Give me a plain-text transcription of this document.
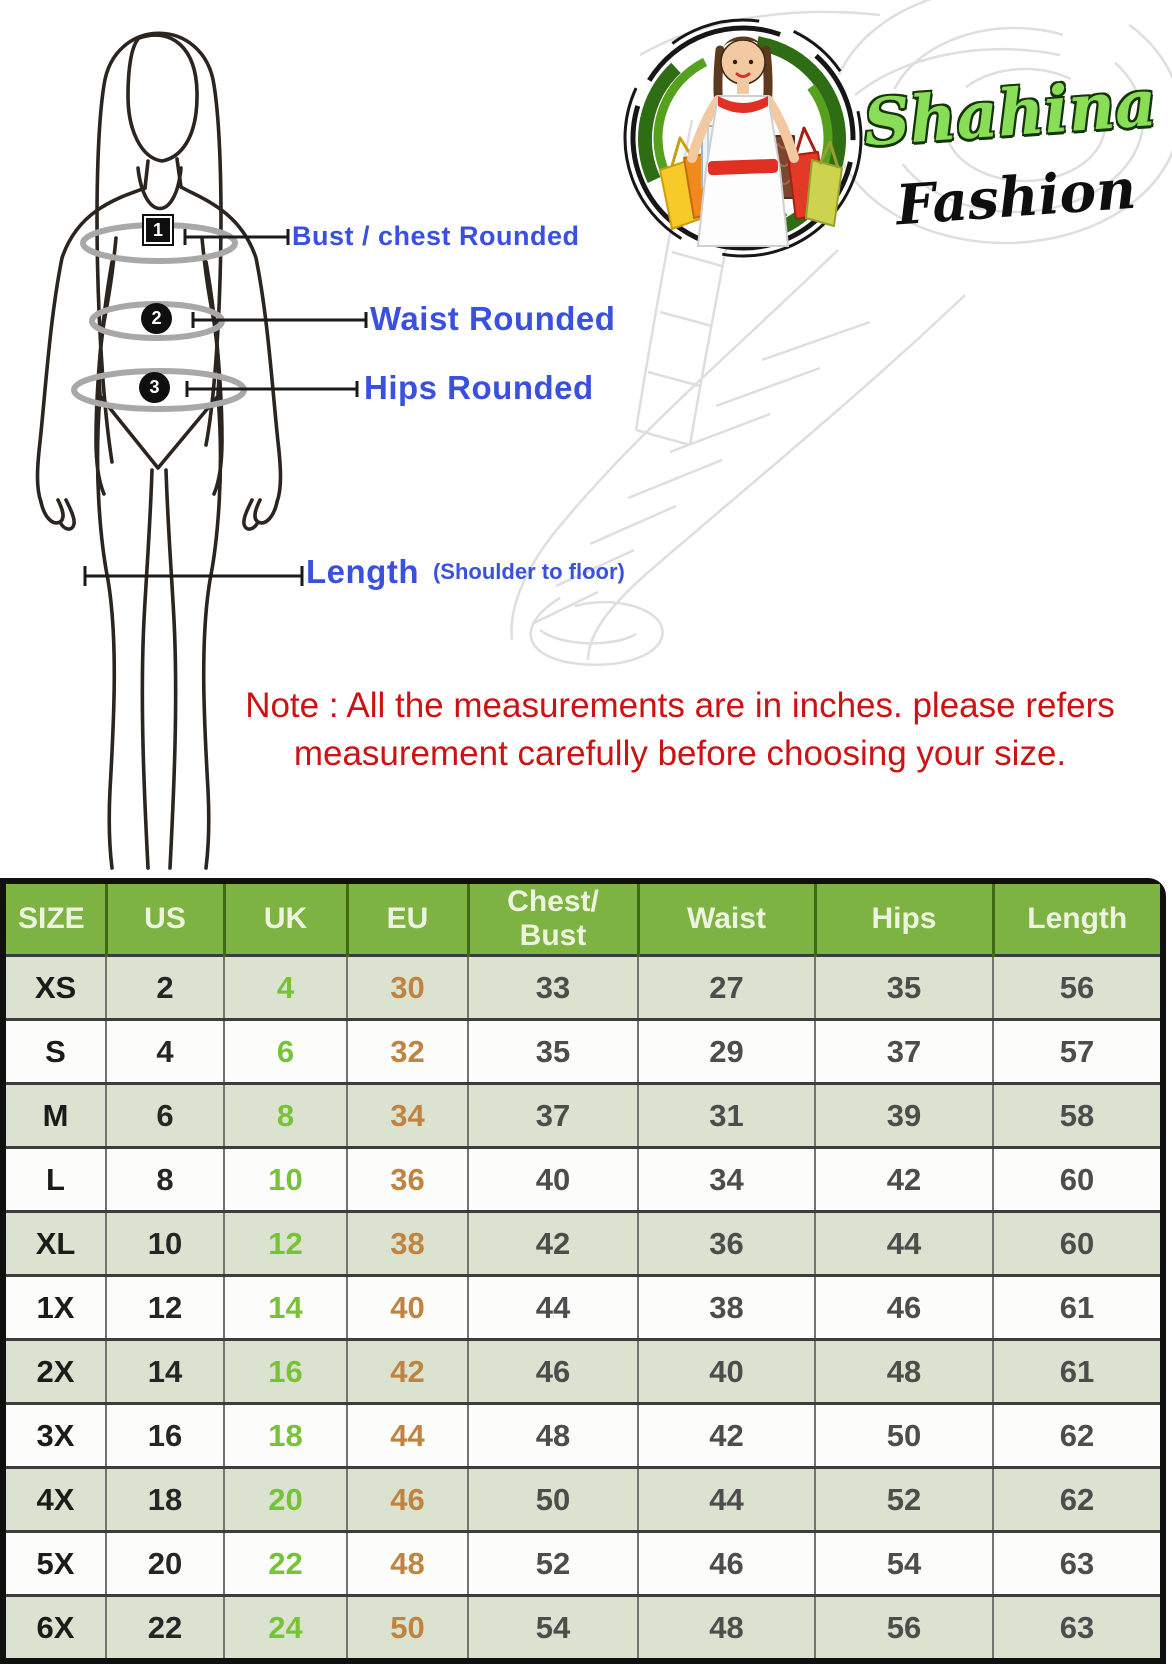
1
2
3
Bust / chest Rounded
Waist Rounded
Hips Rounded
Length (Shoulder to floor)
Shahina
Fashion
Note : All the measurements are in inches. please refers
measurement carefully before choosing your size.
SIZE	US	UK	EU	Chest/ Bust	Waist	Hips	Length
XS	2	4	30	33	27	35	56
S	4	6	32	35	29	37	57
M	6	8	34	37	31	39	58
L	8	10	36	40	34	42	60
XL	10	12	38	42	36	44	60
1X	12	14	40	44	38	46	61
2X	14	16	42	46	40	48	61
3X	16	18	44	48	42	50	62
4X	18	20	46	50	44	52	62
5X	20	22	48	52	46	54	63
6X	22	24	50	54	48	56	63
